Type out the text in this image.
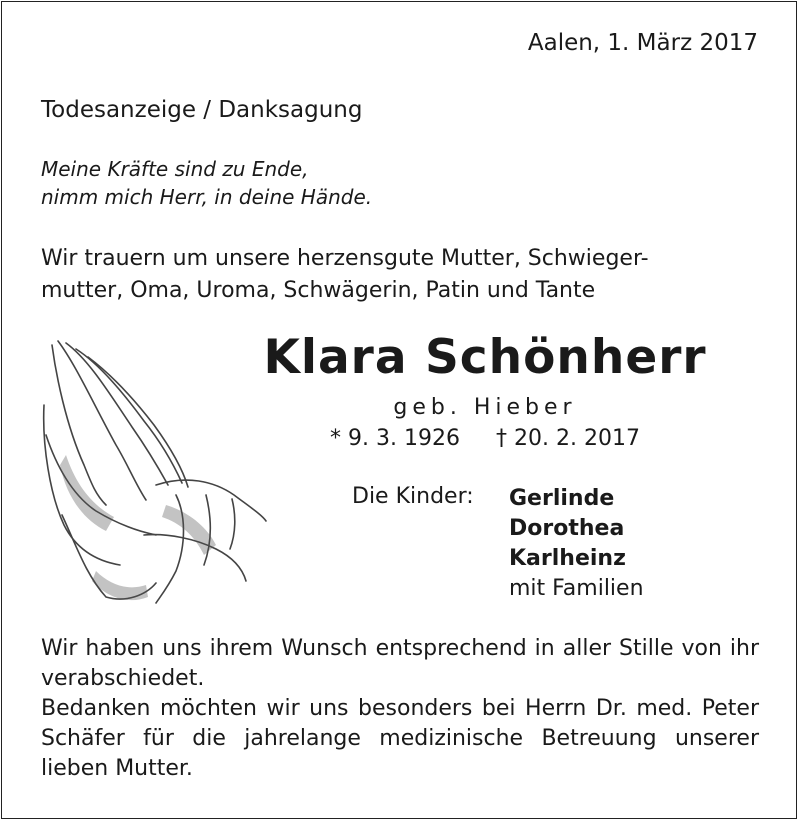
Aalen, 1. März 2017
Todesanzeige / Danksagung
Meine Kräfte sind zu Ende,
nimm mich Herr, in deine Hände.
Wir trauern um unsere herzensgute Mutter, Schwieger-
mutter, Oma, Uroma, Schwägerin, Patin und Tante
Klara Schönherr
geb. Hieber
* 9. 3. 1926 † 20. 2. 2017
Die Kinder: Gerlinde
Dorothea
Karlheinz
mit Familien
Wir haben uns ihrem Wunsch entsprechend in aller Stille von ihr verabschiedet.
Bedanken möchten wir uns besonders bei Herrn Dr. med. Peter Schäfer für die jahrelange medizinische Betreuung unserer lieben Mutter.
